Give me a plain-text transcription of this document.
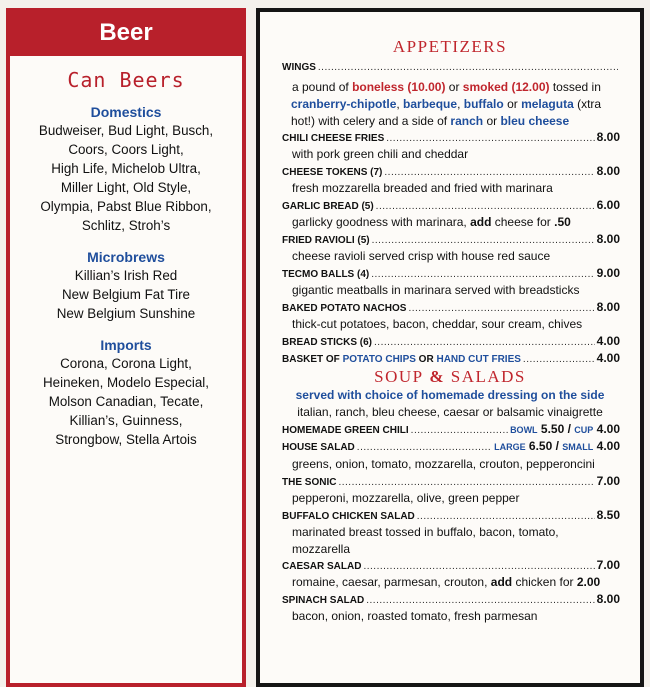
Beer
Can Beers
Domestics
Budweiser, Bud Light, Busch,
Coors, Coors Light,
High Life, Michelob Ultra,
Miller Light, Old Style,
Olympia, Pabst Blue Ribbon,
Schlitz, Stroh’s
Microbrews
Killian’s Irish Red
New Belgium Fat Tire
New Belgium Sunshine
Imports
Corona, Corona Light,
Heineken, Modelo Especial,
Molson Canadian, Tecate,
Killian’s, Guinness,
Strongbow, Stella Artois
APPETIZERS
WINGS
.....
a pound of boneless (10.00) or smoked (12.00) tossed in
cranberry-chipotle, barbeque, buffalo or melaguta (xtra
hot!) with celery and a side of ranch or bleu cheese
CHILI CHEESE FRIES .....	8.00
with pork green chili and cheddar
CHEESE TOKENS (7) .....	8.00
fresh mozzarella breaded and fried with marinara
GARLIC BREAD (5) .....	6.00
garlicky goodness with marinara, add cheese for .50
FRIED RAVIOLI (5) .....	8.00
cheese ravioli served crisp with house red sauce
TECMO BALLS (4) .....	9.00
gigantic meatballs in marinara served with breadsticks
BAKED POTATO NACHOS .....	8.00
thick-cut potatoes, bacon, cheddar, sour cream, chives
BREAD STICKS (6) .....	4.00
BASKET OF POTATO CHIPS OR HAND CUT FRIES .....	4.00
SOUP & SALADS
served with choice of homemade dressing on the side
italian, ranch, bleu cheese, caesar or balsamic vinaigrette
HOMEMADE GREEN CHILI .....	BOWL 5.50 / CUP 4.00
HOUSE SALAD .....	LARGE 6.50 / SMALL 4.00
greens, onion, tomato, mozzarella, crouton, pepperoncini
THE SONIC .....	7.00
pepperoni, mozzarella, olive, green pepper
BUFFALO CHICKEN SALAD .....	8.50
marinated breast tossed in buffalo, bacon, tomato,
mozzarella
CAESAR SALAD .....	7.00
romaine, caesar, parmesan, crouton, add chicken for 2.00
SPINACH SALAD .....	8.00
bacon, onion, roasted tomato, fresh parmesan
